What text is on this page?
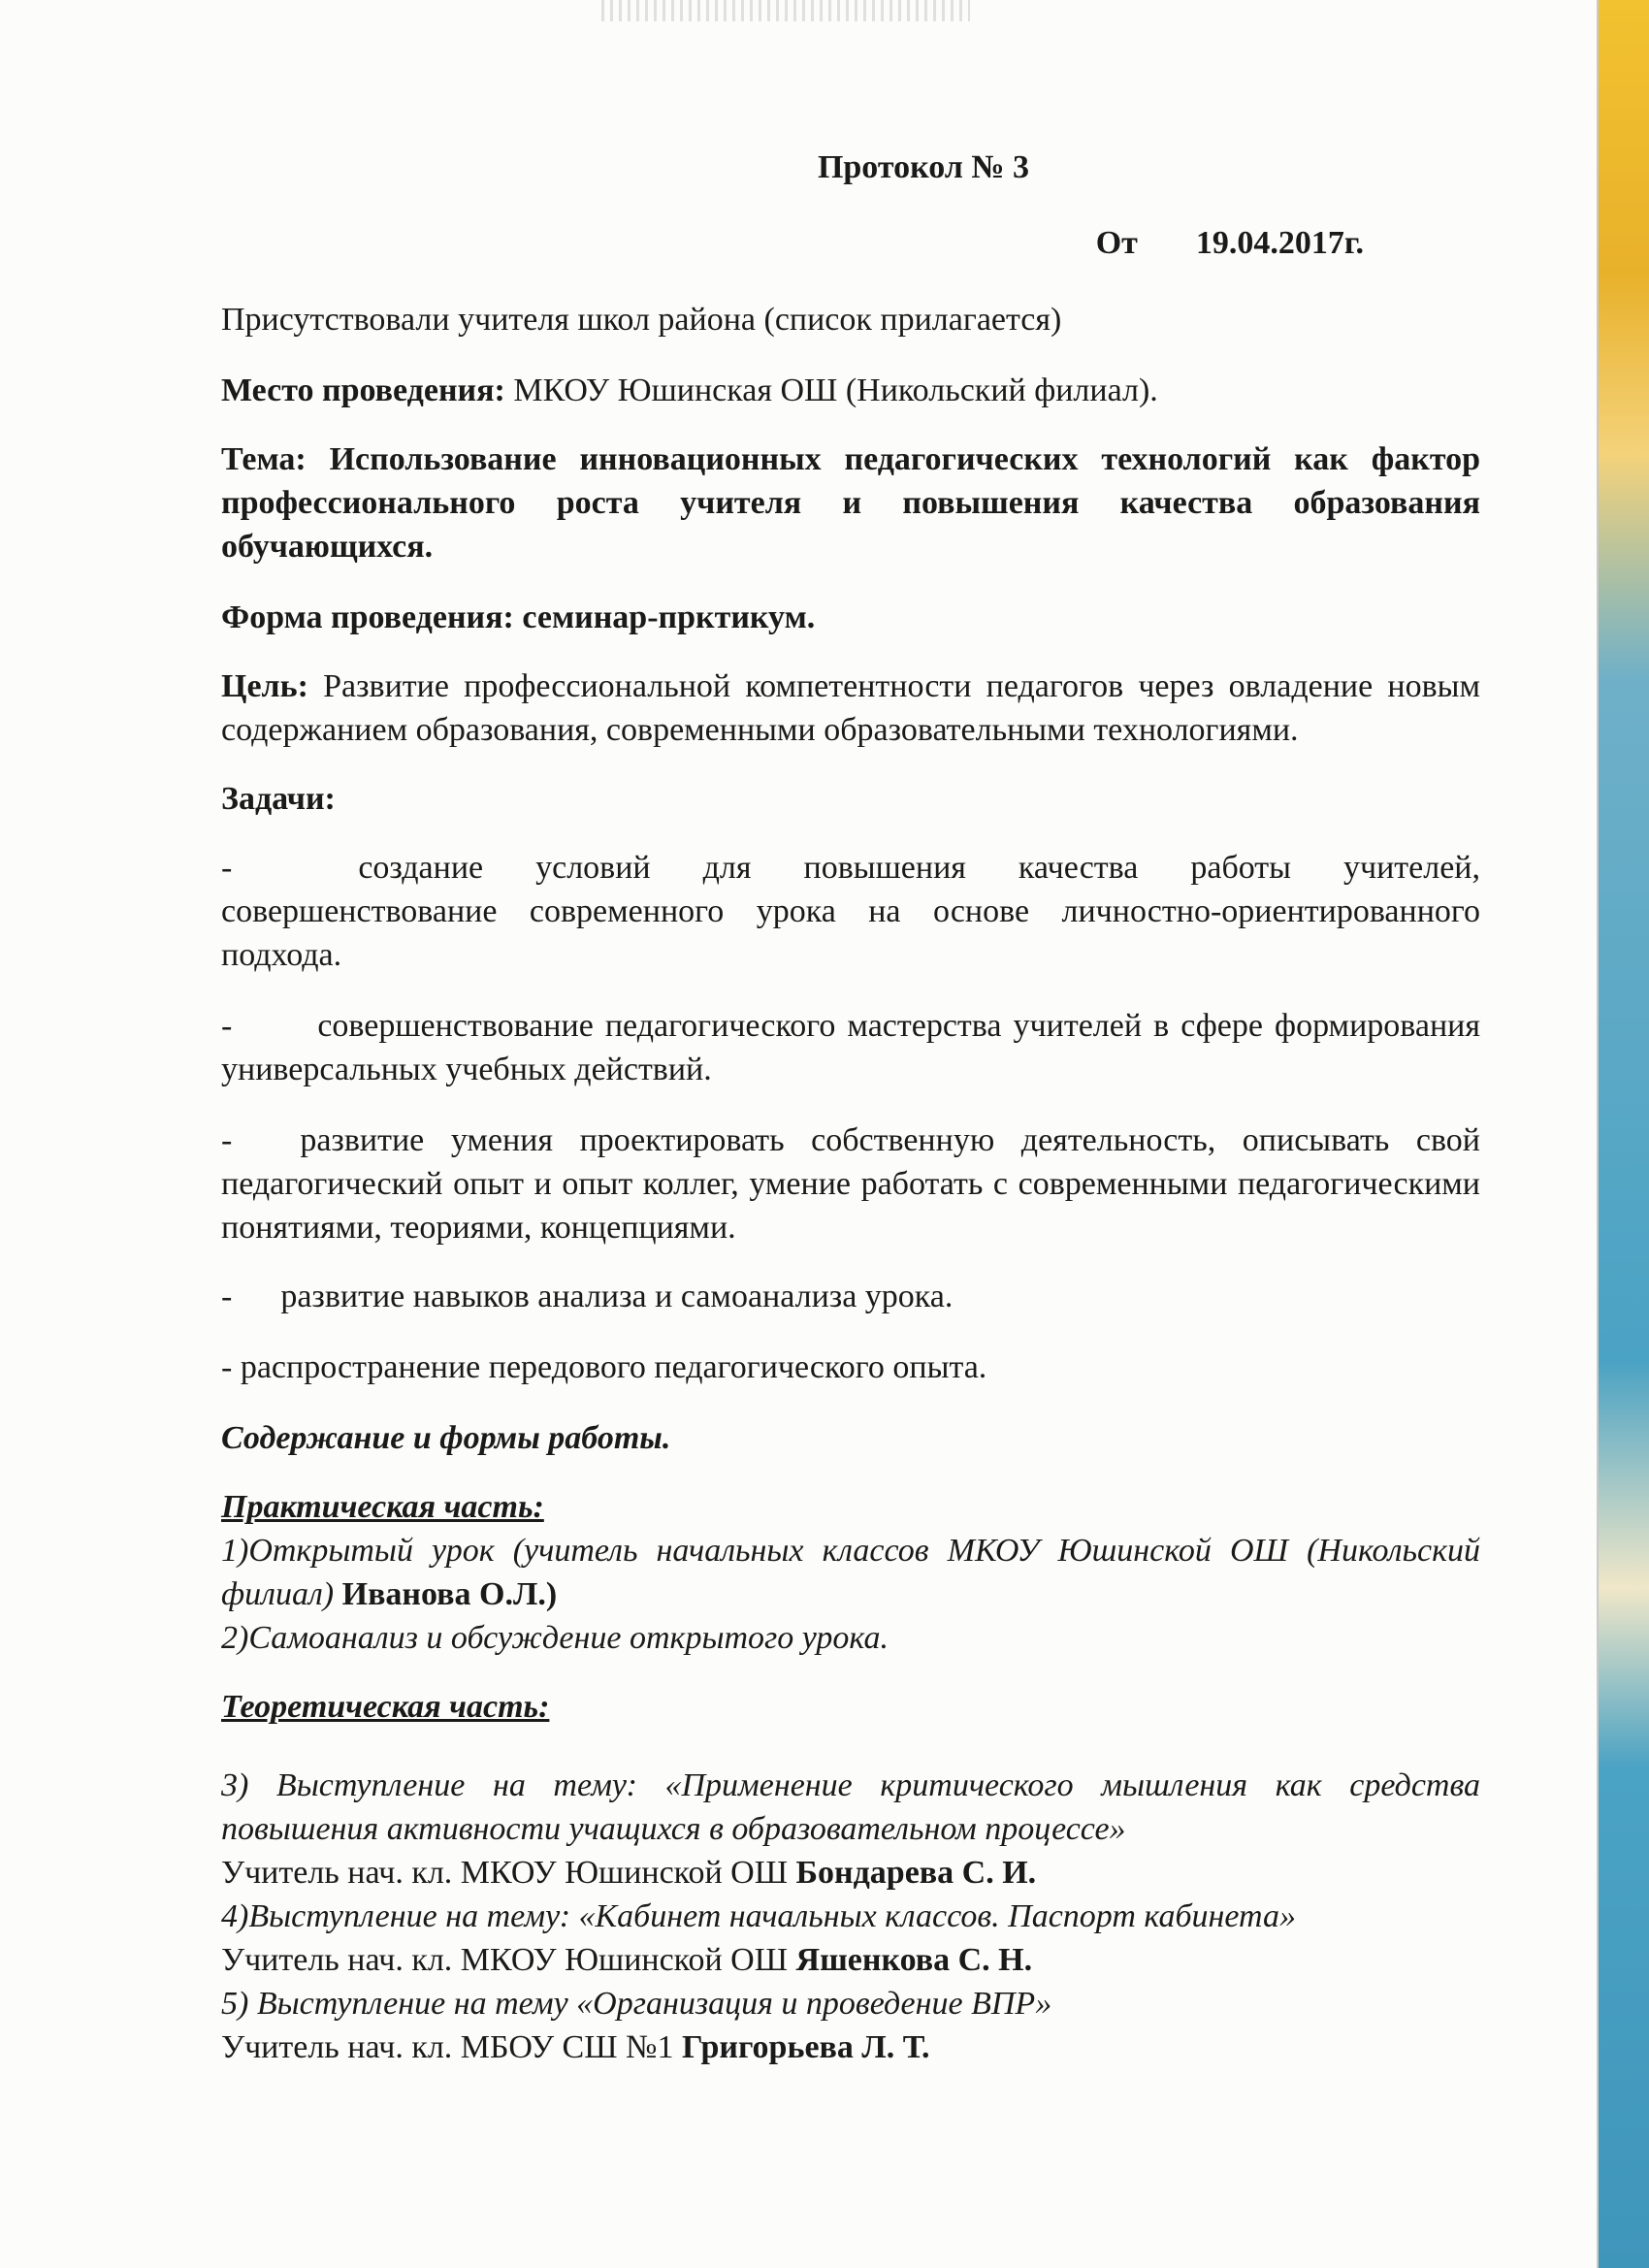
Протокол № 3

От 19.04.2017г.

Присутствовали учителя школ района (список прилагается)

Место проведения: МКОУ Юшинская ОШ (Никольский филиал).

Тема: Использование инновационных педагогических технологий как фактор профессионального роста учителя и повышения качества образования обучающихся.

Форма проведения: семинар-прктикум.

Цель: Развитие профессиональной компетентности педагогов через овладение новым содержанием образования, современными образовательными технологиями.

Задачи:

-	создание условий для повышения качества работы учителей, совершенствование современного урока на основе личностно-ориентированного подхода.

-	совершенствование педагогического мастерства учителей в сфере формирования универсальных учебных действий.

- развитие умения проектировать собственную деятельность, описывать свой педагогический опыт и опыт коллег, умение работать с современными педагогическими понятиями, теориями, концепциями.

- развитие навыков анализа и самоанализа урока.

- распространение передового педагогического опыта.

Содержание и формы работы.

Практическая часть:

1)Открытый урок (учитель начальных классов МКОУ Юшинской ОШ (Никольский филиал) Иванова О.Л.)

2)Самоанализ и обсуждение открытого урока.

Теоретическая часть:

3) Выступление на тему: «Применение критического мышления как средства повышения активности учащихся в образовательном процессе»

Учитель нач. кл. МКОУ Юшинской ОШ Бондарева С. И.

4)Выступление на тему: «Кабинет начальных классов. Паспорт кабинета»

Учитель нач. кл. МКОУ Юшинской ОШ Яшенкова С. Н.

5) Выступление на тему «Организация и проведение ВПР»

Учитель нач. кл. МБОУ СШ №1 Григорьева Л. Т.
